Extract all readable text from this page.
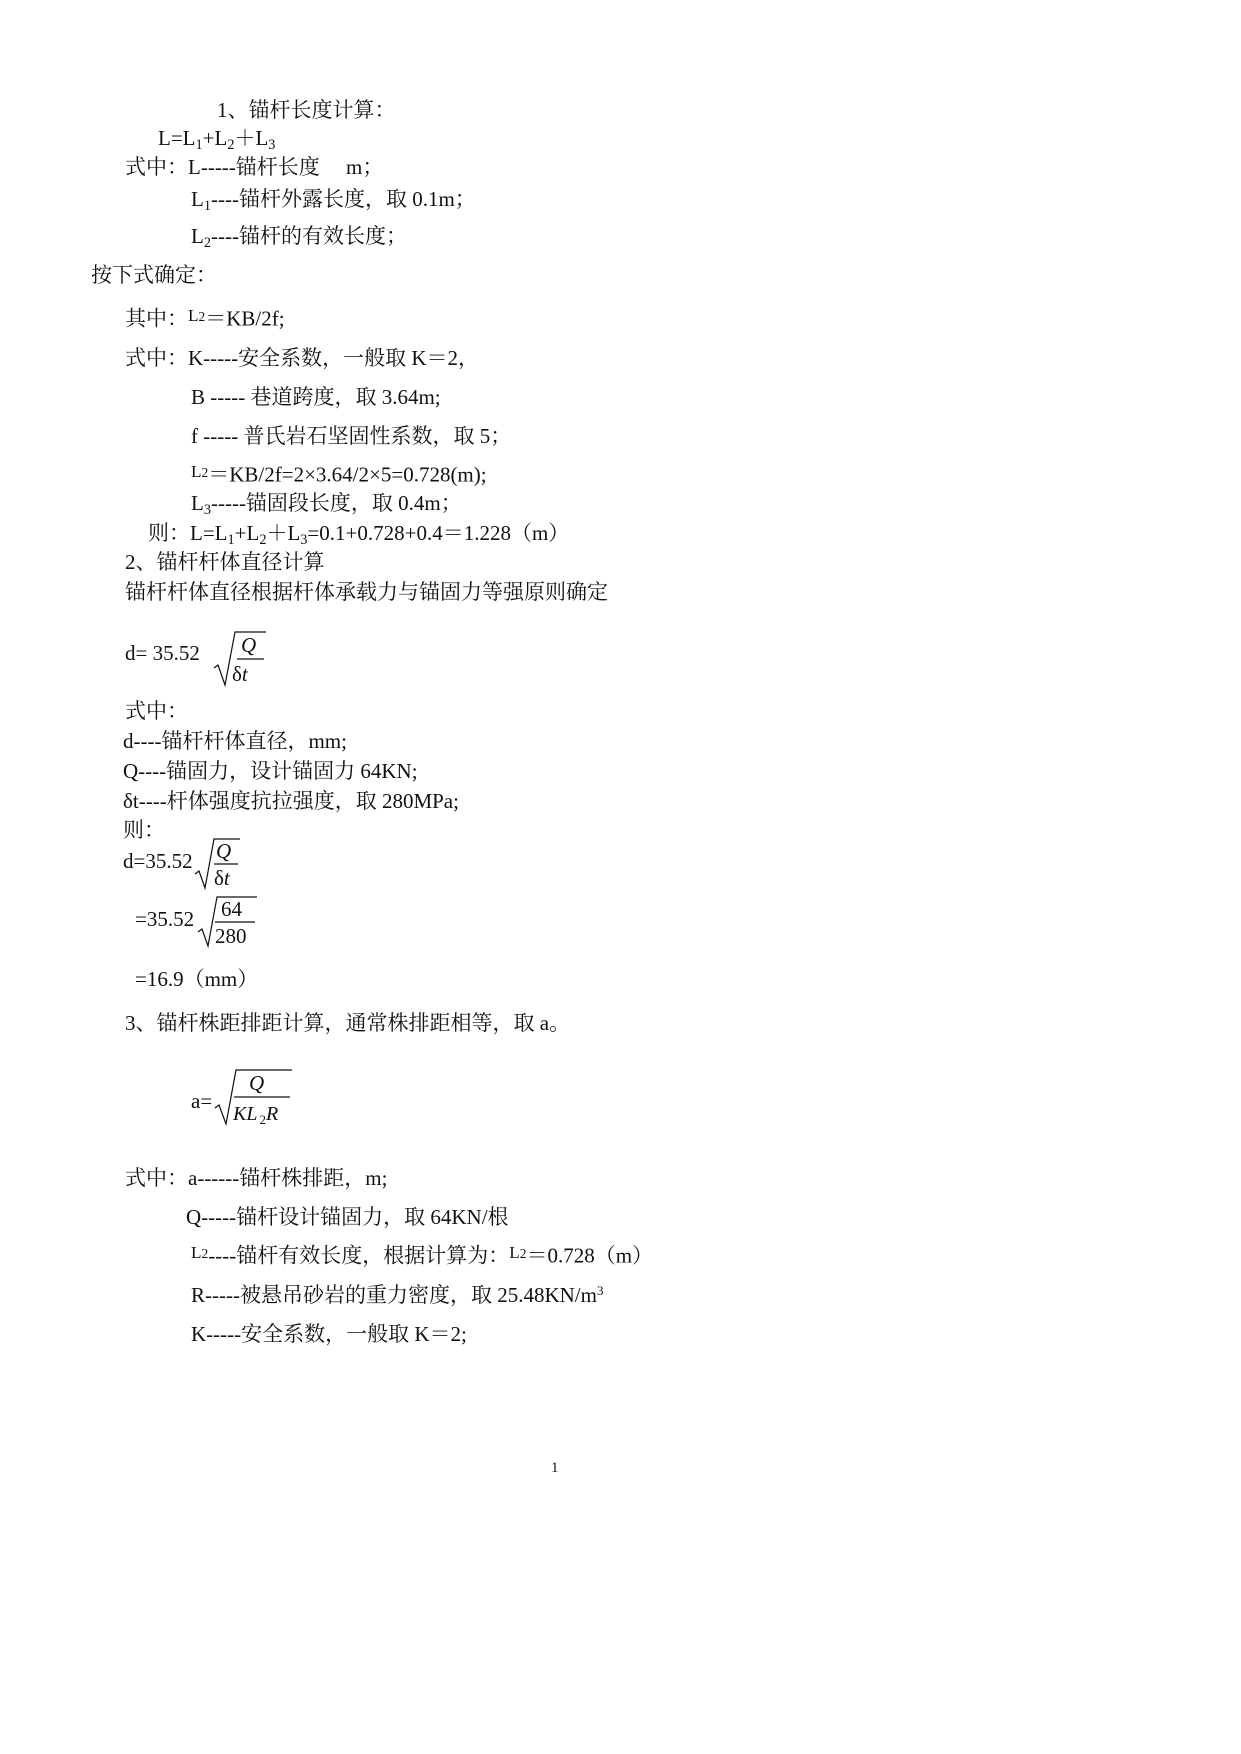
1、锚杆长度计算：
$L=L_1+L_2+L_3$
式中：L-----锚杆长度　 m；
$L_1----$锚杆外露长度，取 0.1m；
$L_2----$锚杆的有效长度；
按下式确定：
其中：$^{L2}$＝KB/2f;
式中：K-----安全系数，一般取 K＝2，
B ----- 巷道跨度，取 3.64m;
f ----- 普氏岩石坚固性系数，取 5；
$^{L2}$＝KB/2f=2×3.64/2×5=0.728(m);
$L_3-----$锚固段长度，取 0.4m；
则：$L=L_1+L_2+L_3=0.1+0.728+0.4=1.228(m)$
2、锚杆杆体直径计算
锚杆杆体直径根据杆体承载力与锚固力等强原则确定
d= 35.52 Q
δt
式中：
d----锚杆杆体直径，mm;
Q----锚固力，设计锚固力 64KN;
δt----杆体强度抗拉强度，取 280MPa;
则：
d=35.52 Q
δt
=35.52 64
280
=16.9（mm）
3、锚杆株距排距计算，通常株排距相等，取 a。
a=
Q
KL $_2$R
式中：a------锚杆株排距，m;
Q-----锚杆设计锚固力，取 64KN/根
$^{L2}$----锚杆有效长度，根据计算为：$^{L2}$＝0.728（m）
R-----被悬吊砂岩的重力密度，取 $25.48KN/m^3$
K-----安全系数，一般取 K＝2;
1
